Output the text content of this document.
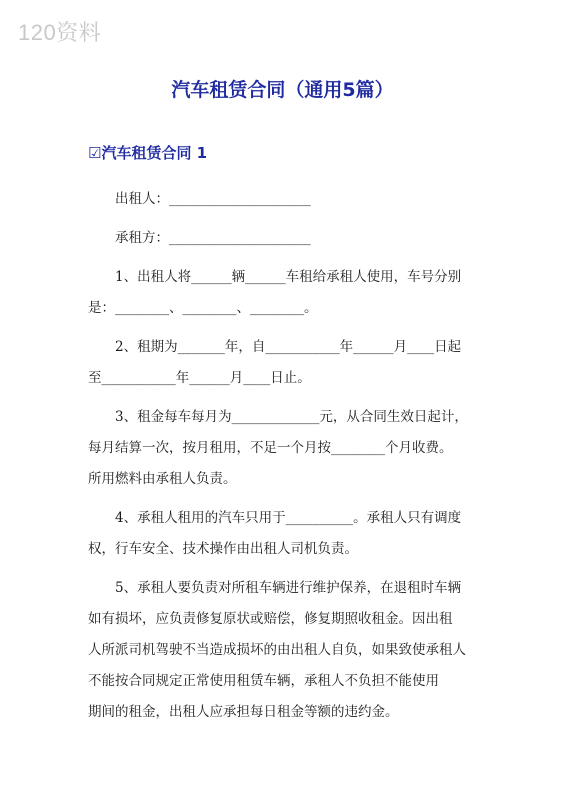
120资料
汽车租赁合同（通用5篇）
☑汽车租赁合同 1
出租人：_____________________
承租方：_____________________
1、出租人将______辆______车租给承租人使用，车号分别
是：________、________、________。
2、租期为_______年，自___________年______月____日起
至___________年______月____日止。
3、租金每车每月为_____________元，从合同生效日起计，
每月结算一次，按月租用，不足一个月按________个月收费。
所用燃料由承租人负责。
4、承租人租用的汽车只用于__________。承租人只有调度
权，行车安全、技术操作由出租人司机负责。
5、承租人要负责对所租车辆进行维护保养，在退租时车辆
如有损坏，应负责修复原状或赔偿，修复期照收租金。因出租
人所派司机驾驶不当造成损坏的由出租人自负，如果致使承租人
不能按合同规定正常使用租赁车辆，承租人不负担不能使用
期间的租金，出租人应承担每日租金等额的违约金。
